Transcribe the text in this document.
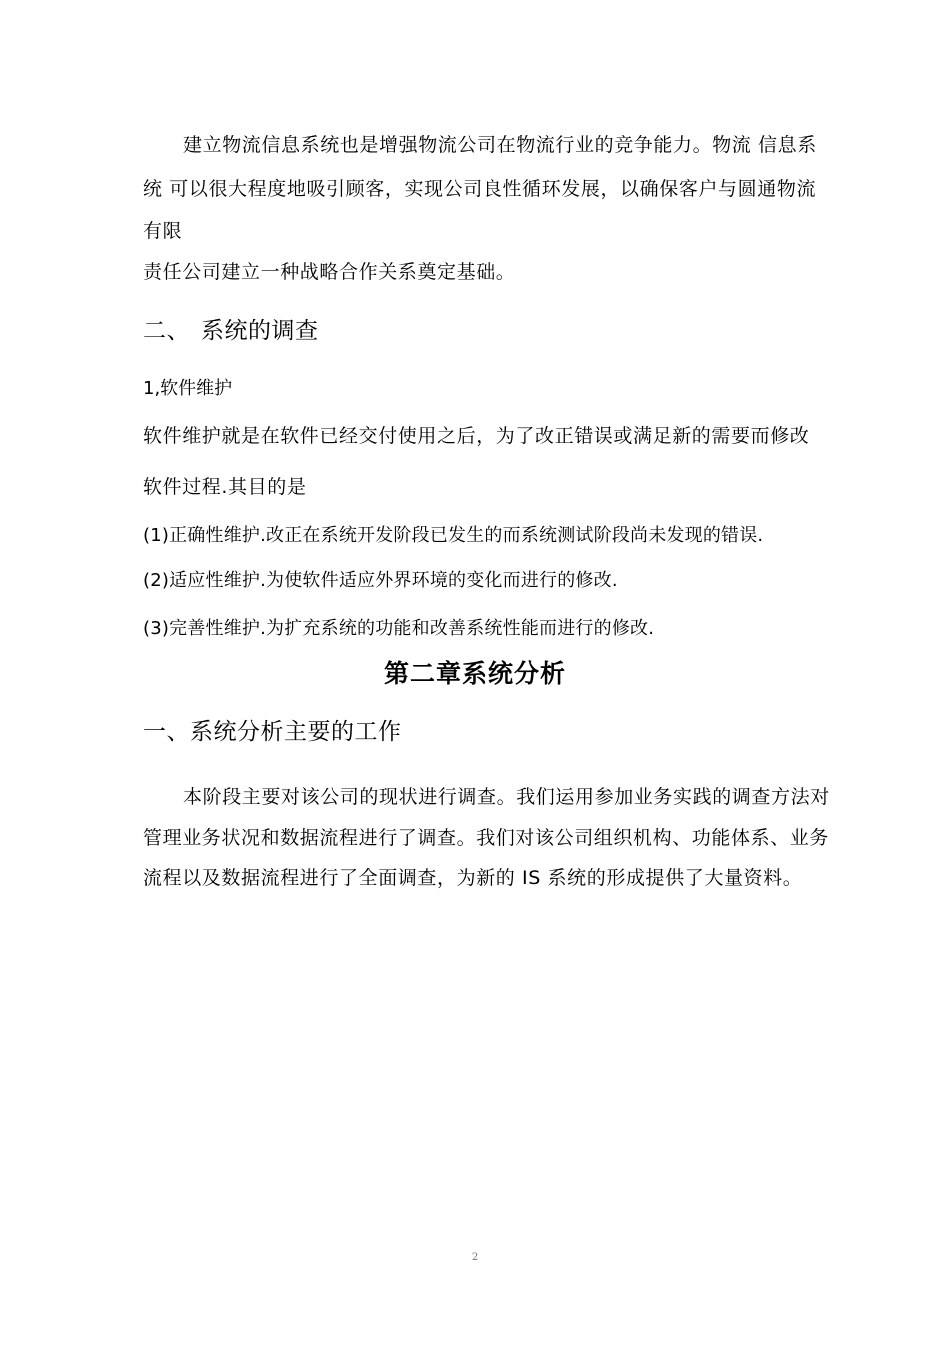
建立物流信息系统也是增强物流公司在物流行业的竞争能力。物流 信息系
统 可以很大程度地吸引顾客，实现公司良性循环发展，以确保客户与圆通物流
有限
责任公司建立一种战略合作关系奠定基础。
二、 系统的调查
1,软件维护
软件维护就是在软件已经交付使用之后，为了改正错误或满足新的需要而修改
软件过程.其目的是
(1)正确性维护.改正在系统开发阶段已发生的而系统测试阶段尚未发现的错误.
(2)适应性维护.为使软件适应外界环境的变化而进行的修改.
(3)完善性维护.为扩充系统的功能和改善系统性能而进行的修改.
第二章系统分析
一、系统分析主要的工作
本阶段主要对该公司的现状进行调查。我们运用参加业务实践的调查方法对
管理业务状况和数据流程进行了调查。我们对该公司组织机构、功能体系、业务
流程以及数据流程进行了全面调查，为新的 IS 系统的形成提供了大量资料。
2
